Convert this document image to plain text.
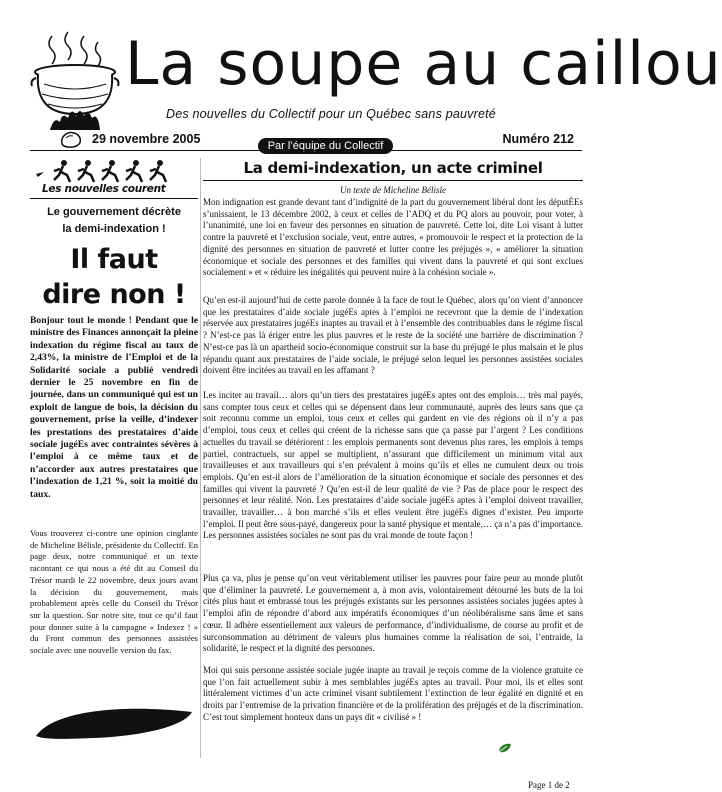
La soupe au caillou
Des nouvelles du Collectif pour un Québec sans pauvreté
29 novembre 2005	Par l’équipe du Collectif	Numéro 212
Les nouvelles courent
Le gouvernement décrète
la demi-indexation !
Il faut
dire non !

Bonjour tout le monde ! Pendant que le ministre des Finances annonçait la pleine indexation du régime fiscal au taux de 2,43%, la ministre de l’Emploi et de la Solidarité sociale a publié vendredi dernier le 25 novembre en fin de journée, dans un communiqué qui est un exploit de langue de bois, la décision du gouvernement, prise la veille, d’indexer les prestations des prestataires d’aide sociale jugéEs avec contraintes sévères à l’emploi à ce même taux et de n’accorder aux autres prestataires que l’indexation de 1,21 %, soit la moitié du taux.

Vous trouverez ci-contre une opinion cinglante de Micheline Bélisle, présidente du Collectif. En page deux, notre communiqué et un texte racontant ce qui nous a été dit au Conseil du Trésor mardi le 22 novembre, deux jours avant la décision du gouvernement, mais probablement après celle du Conseil du Trésor sur la question. Sur notre site, tout ce qu’il faut pour donner suite à la campagne « Indexez ! » du Front commun des personnes assistées sociale avec une nouvelle version du fax.

La demi-indexation, un acte criminel
Un texte de Micheline Bélisle

Mon indignation est grande devant tant d’indignité de la part du gouvernement libéral dont les députÉEs s’unissaient, le 13 décembre 2002, à ceux et celles de l’ADQ et du PQ alors au pouvoir, pour voter, à l’unanimité, une loi en faveur des personnes en situation de pauvreté. Cette loi, dite Loi visant à lutter contre la pauvreté et l’exclusion sociale, veut, entre autres, « promouvoir le respect et la protection de la dignité des personnes en situation de pauvreté et lutter contre les préjugés », « améliorer la situation économique et sociale des personnes et des familles qui vivent dans la pauvreté et qui sont exclues socialement » et « réduire les inégalités qui peuvent nuire à la cohésion sociale ».

Qu’en est-il aujourd’hui de cette parole donnée à la face de tout le Québec, alors qu’on vient d’annoncer que les prestataires d’aide sociale jugéEs aptes à l’emploi ne recevront que la demie de l’indexation réservée aux prestataires jugéEs inaptes au travail et à l’ensemble des contribuables dans le régime fiscal ? N’est-ce pas là ériger entre les plus pauvres et le reste de la société une barrière de discrimination ? N’est-ce pas là un apartheid socio-économique construit sur la base du préjugé le plus malsain et le plus répandu quant aux prestataires de l’aide sociale, le préjugé selon lequel les personnes assistées sociales doivent être incitées au travail en les affamant ?

Les inciter au travail… alors qu’un tiers des prestataires jugéEs aptes ont des emplois… très mal payés, sans compter tous ceux et celles qui se dépensent dans leur communauté, auprès des leurs sans que ça soit reconnu comme un emploi, tous ceux et celles qui gardent en vie des régions où il n’y a pas d’emploi, tous ceux et celles qui créent de la richesse sans que ça passe par l’argent ? Les conditions actuelles du travail se détériorent : les emplois permanents sont devenus plus rares, les emplois à temps partiel, contractuels, sur appel se multiplient, n’assurant que difficilement un minimum vital aux travailleuses et aux travailleurs qui s’en prévalent à moins qu’ils et elles ne cumulent deux ou trois emplois. Qu’en est-il alors de l’amélioration de la situation économique et sociale des personnes et des familles qui vivent la pauvreté ? Qu’en est-il de leur qualité de vie ? Pas de place pour le respect des personnes et leur réalité. Non. Les prestataires d’aide sociale jugéEs aptes à l’emploi doivent travailler, travailler, travailler… à bon marché s’ils et elles veulent être jugéEs dignes d’exister. Peu importe l’emploi. Il peut être sous-payé, dangereux pour la santé physique et mentale,… ça n’a pas d’importance. Les personnes assistées sociales ne sont pas du vrai monde de toute façon !

Plus ça va, plus je pense qu’on veut véritablement utiliser les pauvres pour faire peur au monde plutôt que d’éliminer la pauvreté. Le gouvernement a, à mon avis, volontairement détourné les buts de la loi cités plus haut et embrassé tous les préjugés existants sur les personnes assistées sociales jugées aptes à l’emploi afin de répondre d’abord aux impératifs économiques d’un néolibéralisme sans âme et sans cœur. Il adhère essentiellement aux valeurs de performance, d’individualisme, de course au profit et de surconsommation au détriment de valeurs plus humaines comme la réalisation de soi, l’entraide, la solidarité, le respect et la dignité des personnes.

Moi qui suis personne assistée sociale jugée inapte au travail je reçois comme de la violence gratuite ce que l’on fait actuellement subir à mes semblables jugéEs aptes au travail. Pour moi, ils et elles sont littéralement victimes d’un acte criminel visant subtilement l’extinction de leur égalité en dignité et en droits par l’entremise de la privation financière et de la prolifération des préjugés et de la discrimination. C’est tout simplement honteux dans un pays dit « civilisé » !

Page 1 de 2
